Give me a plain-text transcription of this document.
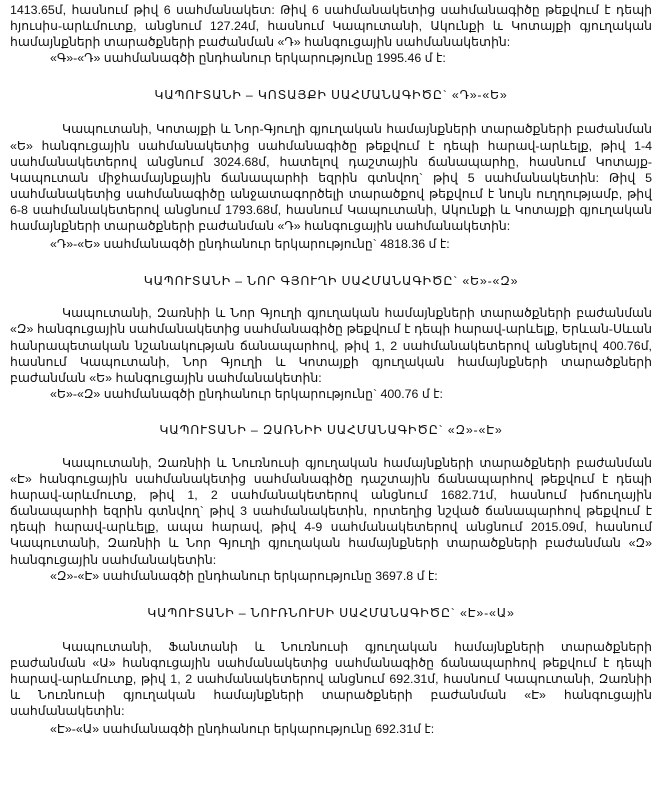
1413.65մ, հասնում թիվ 6 սահմանակետ: Թիվ 6 սահմանակետից սահմանագիծը թեքվում է դեպի հյուսիս-արևմուտք, անցնում 127.24մ, հասնում Կապուտանի, Ակունքի և Կոտայքի գյուղական համայնքների տարածքների բաժանման «Դ» հանգուցային սահմանակետին:

«Գ»-«Դ» սահմանագծի ընդհանուր երկարությունը 1995.46 մ է:

ԿԱՊՈՒՏԱՆԻ – ԿՈՏԱՅՔԻ ՍԱՀՄԱՆԱԳԻԾԸ` «Դ»-«Ե»

Կապուտանի, Կոտայքի և Նոր-Գյուղի գյուղական համայնքների տարածքների բաժանման «Ե» հանգուցային սահմանակետից սահմանագիծը թեքվում է դեպի հարավ-արևելք, թիվ 1-4 սահմանակետերով անցնում 3024.68մ, հատելով դաշտային ճանապարհը, հասնում Կոտայք-Կապուտան միջհամայնքային ճանապարհի եզրին գտնվող` թիվ 5 սահմանակետին: Թիվ 5 սահմանակետից սահմանագիծը անջատագործելի տարածքով թեքվում է նույն ուղղությամբ, թիվ 6-8 սահմանակետերով անցնում 1793.68մ, հասնում Կապուտանի, Ակունքի և Կոտայքի գյուղական համայնքների տարածքների բաժանման «Դ» հանգուցային սահմանակետին:

«Դ»-«Ե» սահմանագծի ընդհանուր երկարությունը` 4818.36 մ է:

ԿԱՊՈՒՏԱՆԻ – ՆՈՐ ԳՅՈՒՂԻ ՍԱՀՄԱՆԱԳԻԾԸ` «Ե»-«Զ»

Կապուտանի, Զառնիի և Նոր Գյուղի գյուղական համայնքների տարածքների բաժանման «Զ» հանգուցային սահմանակետից սահմանագիծը թեքվում է դեպի հարավ-արևելք, Երևան-Սևան հանրապետական նշանակության ճանապարհով, թիվ 1, 2 սահմանակետերով անցնելով 400.76մ, հասնում Կապուտանի, Նոր Գյուղի և Կոտայքի գյուղական համայնքների տարածքների բաժանման «Ե» հանգուցային սահմանակետին:

«Ե»-«Զ» սահմանագծի ընդհանուր երկարությունը` 400.76 մ է:

ԿԱՊՈՒՏԱՆԻ – ԶԱՌՆԻԻ ՍԱՀՄԱՆԱԳԻԾԸ` «Զ»-«Է»

Կապուտանի, Զառնիի և Նուռնուսի գյուղական համայնքների տարածքների բաժանման «Է» հանգուցային սահմանակետից սահմանագիծը դաշտային ճանապարհով թեքվում է դեպի հարավ-արևմուտք, թիվ 1, 2 սահմանակետերով անցնում 1682.71մ, հասնում խճուղային ճանապարհի եզրին գտնվող` թիվ 3 սահմանակետին, որտեղից նշված ճանապարհով թեքվում է դեպի հարավ-արևելք, ապա հարավ, թիվ 4-9 սահմանակետերով անցնում 2015.09մ, հասնում Կապուտանի, Զառնիի և Նոր Գյուղի գյուղական համայնքների տարածքների բաժանման «Զ» հանգուցային սահմանակետին:

«Զ»-«Է» սահմանագծի ընդհանուր երկարությունը 3697.8 մ է:

ԿԱՊՈՒՏԱՆԻ – ՆՈՒՌՆՈՒՍԻ ՍԱՀՄԱՆԱԳԻԾԸ` «Է»-«Ա»

Կապուտանի, Ֆանտանի և Նուռնուսի գյուղական համայնքների տարածքների բաժանման «Ա» հանգուցային սահմանակետից սահմանագիծը ճանապարհով թեքվում է դեպի հարավ-արևմուտք, թիվ 1, 2 սահմանակետերով անցնում 692.31մ, հասնում Կապուտանի, Զառնիի և Նուռնուսի գյուղական համայնքների տարածքների բաժանման «Է» հանգուցային սահմանակետին:

«Է»-«Ա» սահմանագծի ընդհանուր երկարությունը 692.31մ է:
